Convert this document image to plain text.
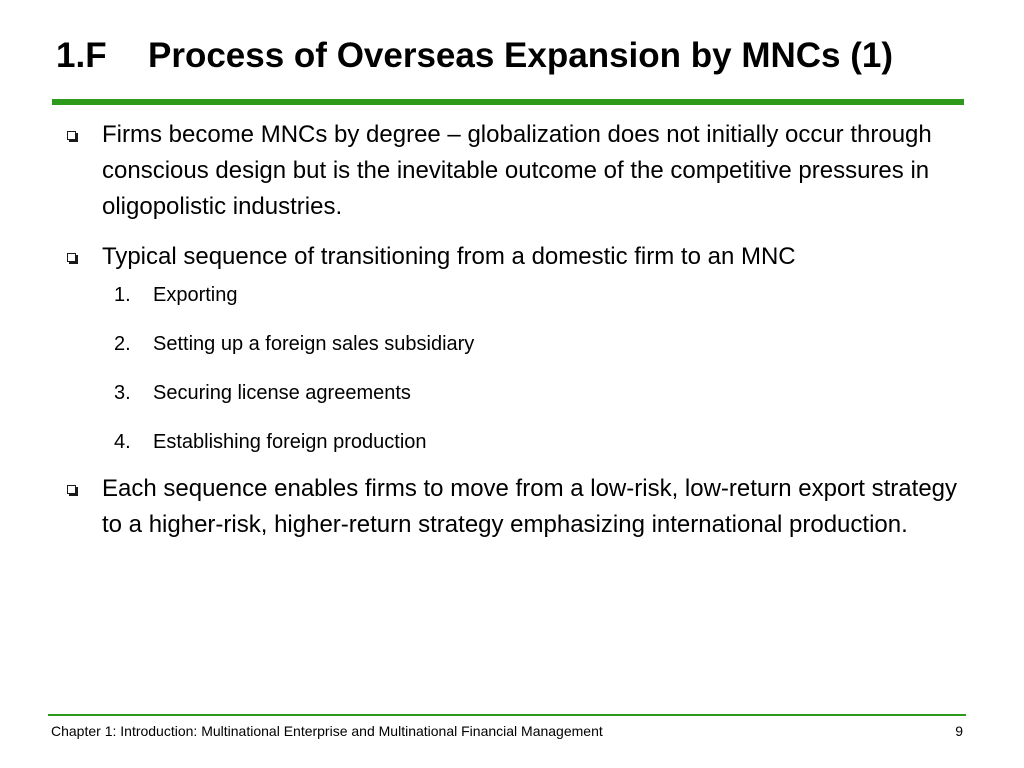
1.F Process of Overseas Expansion by MNCs (1)
Firms become MNCs by degree – globalization does not initially occur through conscious design but is the inevitable outcome of the competitive pressures in oligopolistic industries.
Typical sequence of transitioning from a domestic firm to an MNC
1. Exporting
2. Setting up a foreign sales subsidiary
3. Securing license agreements
4. Establishing foreign production
Each sequence enables firms to move from a low-risk, low-return export strategy to a higher-risk, higher-return strategy emphasizing international production.
Chapter 1: Introduction: Multinational Enterprise and Multinational Financial Management	9
